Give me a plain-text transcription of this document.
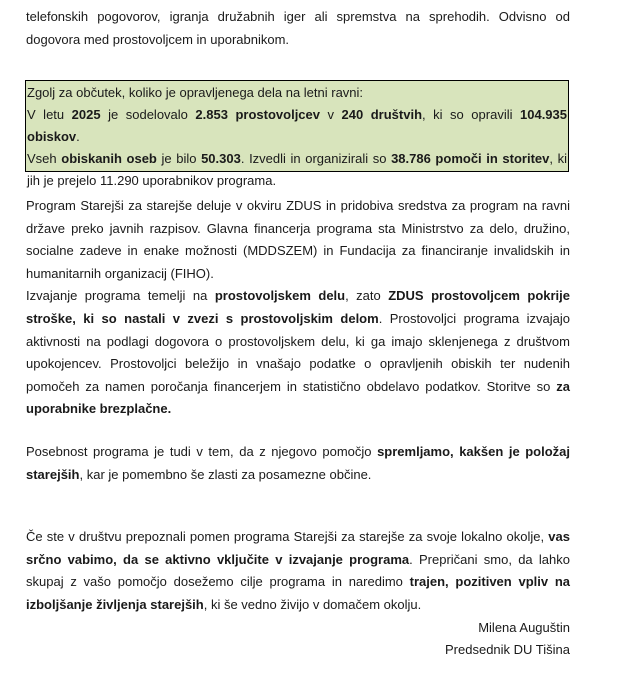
telefonskih pogovorov, igranja družabnih iger ali spremstva na sprehodih. Odvisno od

dogovora med prostovoljcem in uporabnikom.

Zgolj za občutek, koliko je opravljenega dela na letni ravni:

V letu 2025 je sodelovalo 2.853 prostovoljcev v 240 društvih, ki so opravili 104.935 obiskov.

Vseh obiskanih oseb je bilo 50.303. Izvedli in organizirali so 38.786 pomoči in storitev, ki

jih je prejelo 11.290 uporabnikov programa.

Program Starejši za starejše deluje v okviru ZDUS in pridobiva sredstva za program na ravni države preko javnih razpisov. Glavna financerja programa sta Ministrstvo za delo, družino, socialne zadeve in enake možnosti (MDDSZEM) in Fundacija za financiranje invalidskih in humanitarnih organizacij (FIHO).

Izvajanje programa temelji na prostovoljskem delu, zato ZDUS prostovoljcem pokrije stroške, ki so nastali v zvezi s prostovoljskim delom. Prostovoljci programa izvajajo aktivnosti na podlagi dogovora o prostovoljskem delu, ki ga imajo sklenjenega z društvom upokojencev. Prostovoljci beležijo in vnašajo podatke o opravljenih obiskih ter nudenih pomočeh za namen poročanja financerjem in statistično obdelavo podatkov. Storitve so za uporabnike brezplačne.

Posebnost programa je tudi v tem, da z njegovo pomočjo spremljamo, kakšen je položaj starejših, kar je pomembno še zlasti za posamezne občine.

Če ste v društvu prepoznali pomen programa Starejši za starejše za svoje lokalno okolje, vas srčno vabimo, da se aktivno vključite v izvajanje programa. Prepričani smo, da lahko skupaj z vašo pomočjo dosežemo cilje programa in naredimo trajen, pozitiven vpliv na izboljšanje življenja starejših, ki še vedno živijo v domačem okolju.

Milena Auguštin

Predsednik DU Tišina
